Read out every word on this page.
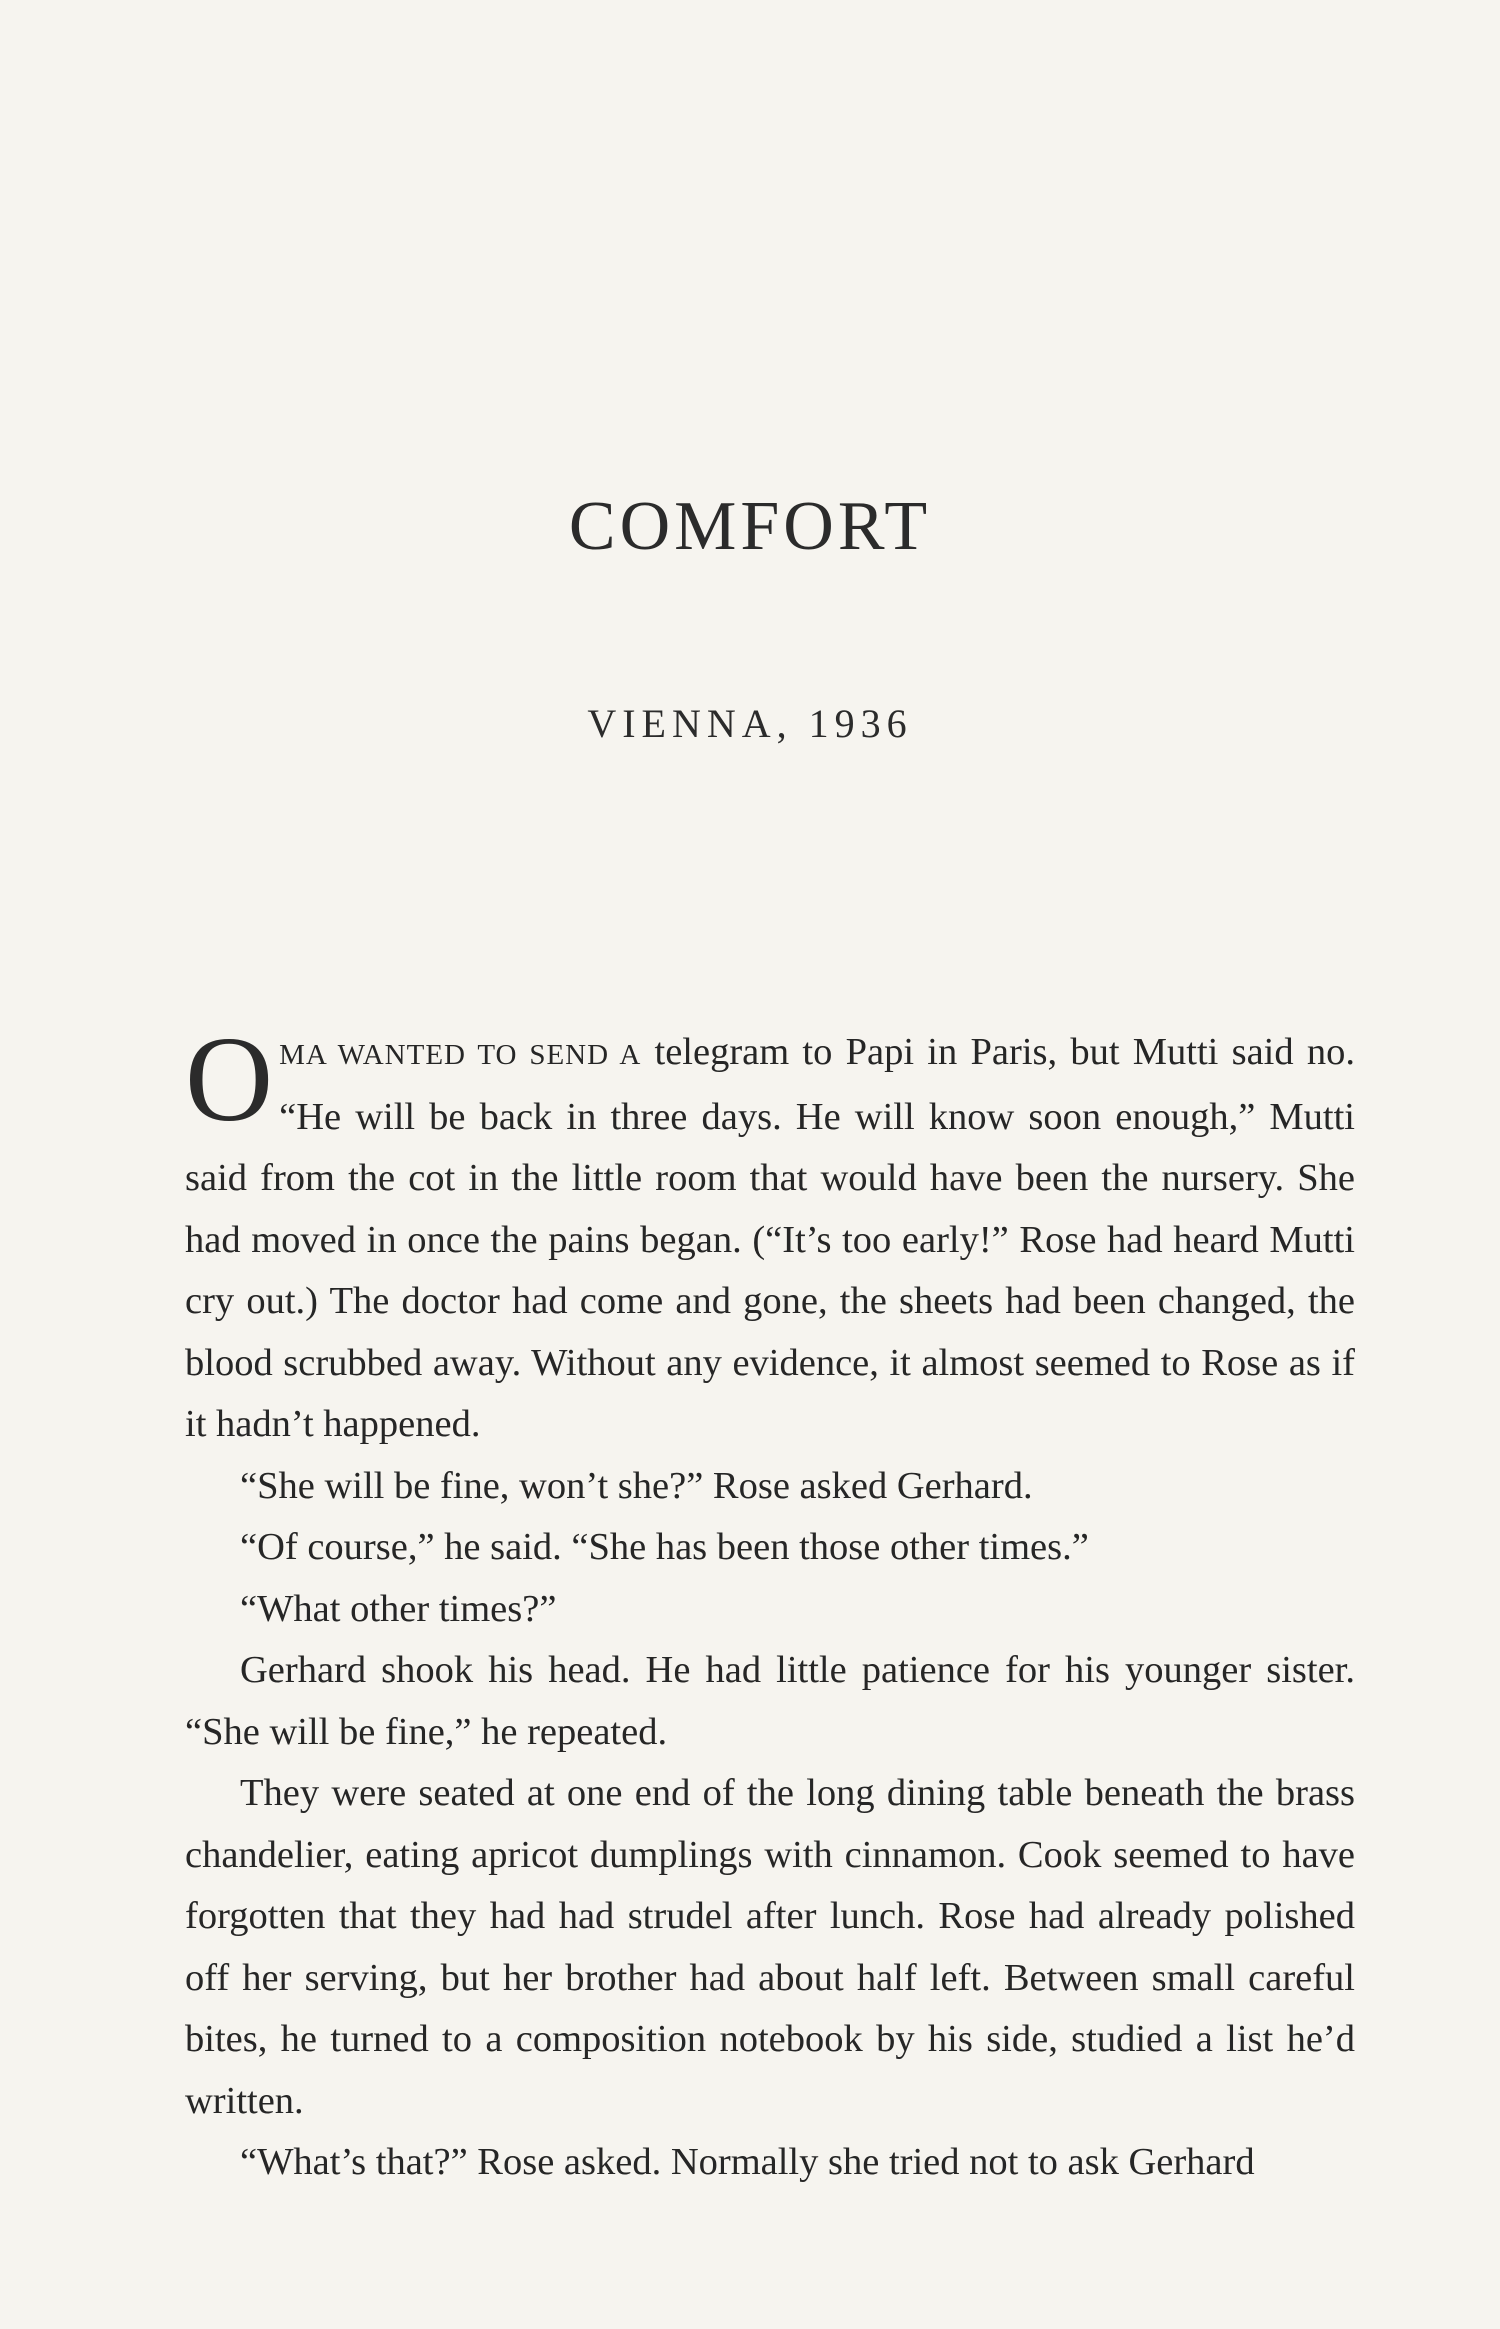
COMFORT
VIENNA, 1936

OMA WANTED TO SEND A telegram to Papi in Paris, but Mutti said no. “He will be back in three days. He will know soon enough,” Mutti said from the cot in the little room that would have been the nursery. She had moved in once the pains began. (“It’s too early!” Rose had heard Mutti cry out.) The doctor had come and gone, the sheets had been changed, the blood scrubbed away. Without any evidence, it almost seemed to Rose as if it hadn’t happened.

“She will be fine, won’t she?” Rose asked Gerhard.

“Of course,” he said. “She has been those other times.”

“What other times?”

Gerhard shook his head. He had little patience for his younger sister. “She will be fine,” he repeated.

They were seated at one end of the long dining table beneath the brass chandelier, eating apricot dumplings with cinnamon. Cook seemed to have forgotten that they had had strudel after lunch. Rose had already polished off her serving, but her brother had about half left. Between small careful bites, he turned to a composition notebook by his side, studied a list he’d written.

“What’s that?” Rose asked. Normally she tried not to ask Gerhard
